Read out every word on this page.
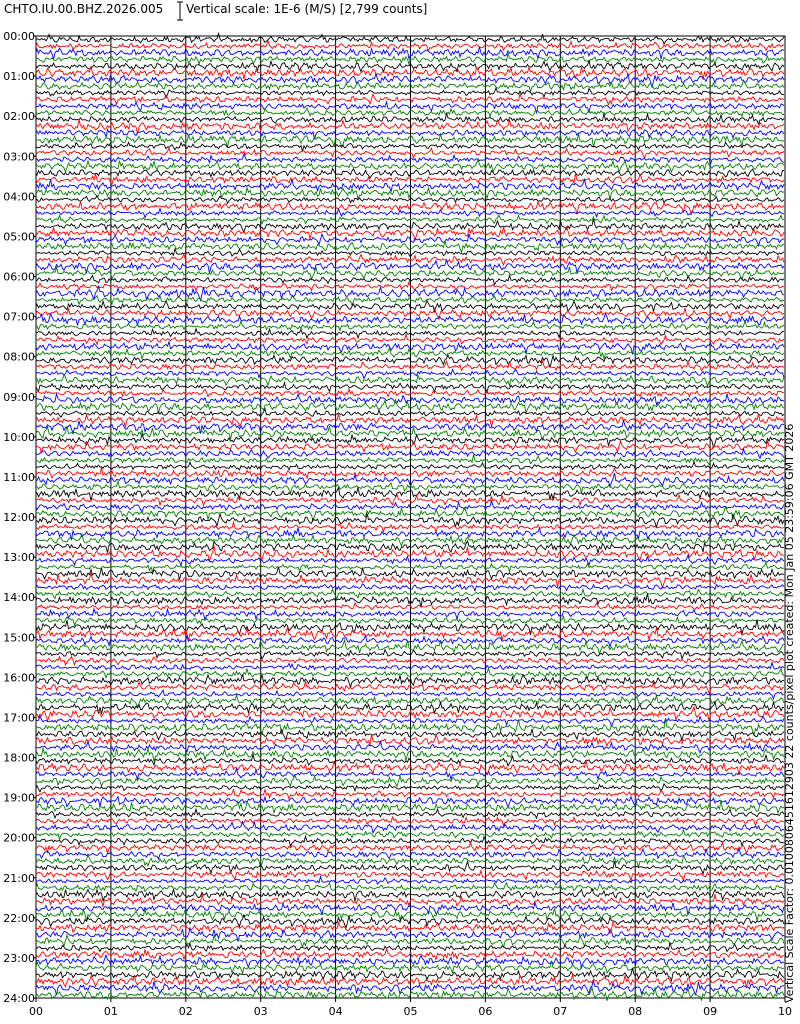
CHTO.IU.00.BHZ.2026.005 Vertical scale: 1E-6 (M/S) [2,799 counts]
00	01	02	03	04	05	06	07	08	09	10
00:00
01:00
02:00
03:00
04:00
05:00
06:00
07:00
08:00
09:00
10:00
11:00
12:00
13:00
14:00
15:00
16:00
17:00
18:00
19:00
20:00
21:00
22:00
23:00
24:00	Vertical Scale Factor: 0.0100806451612903 22 counts/pixel plot created: Mon Jan 05 23:59:06 GMT 2026
